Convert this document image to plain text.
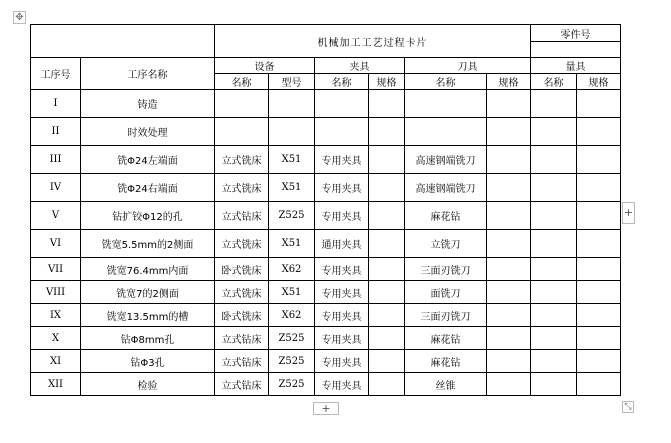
✥
		机械加工工艺过程卡片						零件号	

工序号	工序名称	设备		夹具		刀具		量具	
		名称	型号	名称	规格	名称	规格	名称	规格
I	铸造								
II	时效处理								
III	铣Φ24左端面	立式铣床	X51	专用夹具		高速钢端铣刀			
IV	铣Φ24右端面	立式铣床	X51	专用夹具		高速钢端铣刀			
V	钻扩铰Φ12的孔	立式钻床	Z525	专用夹具		麻花钻			
VI	铣宽5.5mm的2侧面	立式铣床	X51	通用夹具		立铣刀			
VII	铣宽76.4mm内面	卧式铣床	X62	专用夹具		三面刃铣刀			
VIII	铣宽7的2侧面	立式铣床	X51	专用夹具		面铣刀			
IX	铣宽13.5mm的槽	卧式铣床	X62	专用夹具		三面刃铣刀			
X	钻Φ8mm孔	立式钻床	Z525	专用夹具		麻花钻			
XI	钻Φ3孔	立式钻床	Z525	专用夹具		麻花钻			
XII	检验	立式钻床	Z525	专用夹具		丝锥			
+
+	⤡
